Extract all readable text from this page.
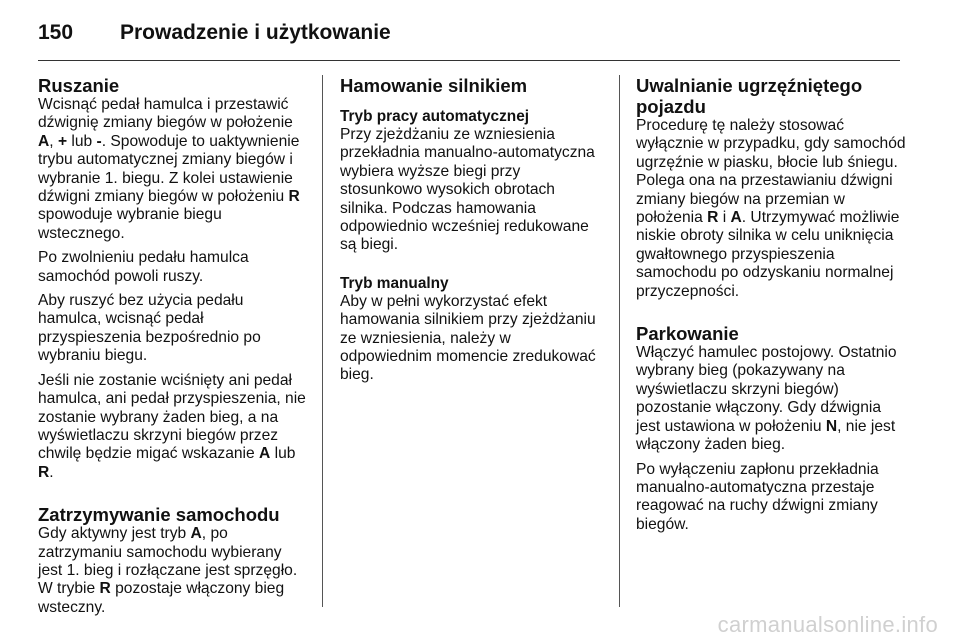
150	Prowadzenie i użytkowanie
Ruszanie

Wcisnąć pedał hamulca i przestawić dźwignię zmiany biegów w położenie A, + lub -. Spowoduje to uaktywnienie trybu automatycznej zmiany biegów i wybranie 1. biegu. Z kolei ustawienie dźwigni zmiany biegów w położeniu R spowoduje wybranie biegu wstecznego.

Po zwolnieniu pedału hamulca samochód powoli ruszy.

Aby ruszyć bez użycia pedału hamulca, wcisnąć pedał przyspieszenia bezpośrednio po wybraniu biegu.

Jeśli nie zostanie wciśnięty ani pedał hamulca, ani pedał przyspieszenia, nie zostanie wybrany żaden bieg, a na wyświetlaczu skrzyni biegów przez chwilę będzie migać wskazanie A lub R.

Zatrzymywanie samochodu

Gdy aktywny jest tryb A, po zatrzymaniu samochodu wybierany jest 1. bieg i rozłączane jest sprzęgło. W trybie R pozostaje włączony bieg wsteczny.

Hamowanie silnikiem
Tryb pracy automatycznej

Przy zjeżdżaniu ze wzniesienia przekładnia manualno-automatyczna wybiera wyższe biegi przy stosunkowo wysokich obrotach silnika. Podczas hamowania odpowiednio wcześniej redukowane są biegi.

Tryb manualny

Aby w pełni wykorzystać efekt hamowania silnikiem przy zjeżdżaniu ze wzniesienia, należy w odpowiednim momencie zredukować bieg.

Uwalnianie ugrzęźniętego pojazdu

Procedurę tę należy stosować wyłącznie w przypadku, gdy samochód ugrzęźnie w piasku, błocie lub śniegu. Polega ona na przestawianiu dźwigni zmiany biegów na przemian w położenia R i A. Utrzymywać możliwie niskie obroty silnika w celu uniknięcia gwałtownego przyspieszenia samochodu po odzyskaniu normalnej przyczepności.

Parkowanie

Włączyć hamulec postojowy. Ostatnio wybrany bieg (pokazywany na wyświetlaczu skrzyni biegów) pozostanie włączony. Gdy dźwignia jest ustawiona w położeniu N, nie jest włączony żaden bieg.

Po wyłączeniu zapłonu przekładnia manualno-automatyczna przestaje reagować na ruchy dźwigni zmiany biegów.

carmanualsonline.info
